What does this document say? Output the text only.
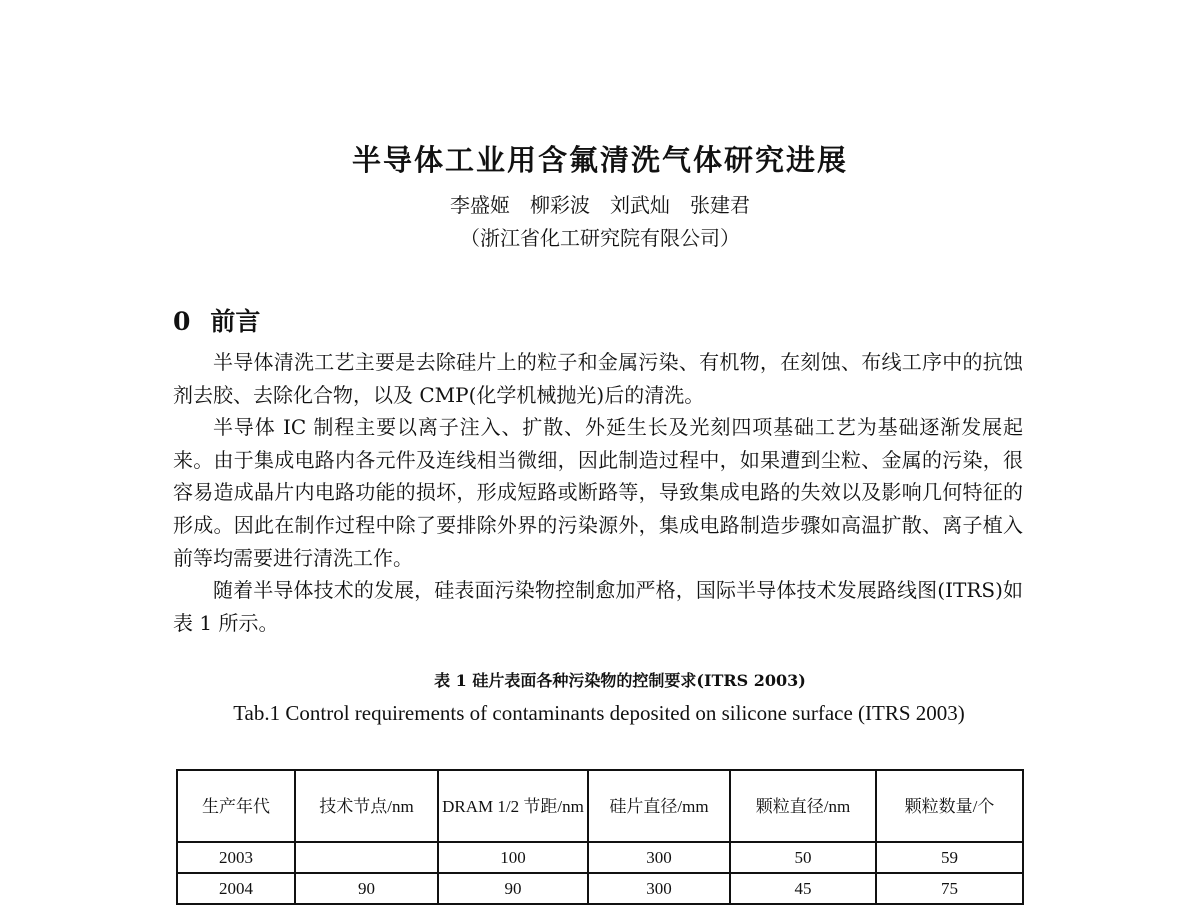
半导体工业用含氟清洗气体研究进展
李盛姬　柳彩波　刘武灿　张建君
（浙江省化工研究院有限公司）
0 前言

半导体清洗工艺主要是去除硅片上的粒子和金属污染、有机物，在刻蚀、布线工序中的抗蚀剂去胶、去除化合物，以及 CMP(化学机械抛光)后的清洗。

半导体 IC 制程主要以离子注入、扩散、外延生长及光刻四项基础工艺为基础逐渐发展起来。由于集成电路内各元件及连线相当微细，因此制造过程中，如果遭到尘粒、金属的污染，很容易造成晶片内电路功能的损坏，形成短路或断路等，导致集成电路的失效以及影响几何特征的形成。因此在制作过程中除了要排除外界的污染源外，集成电路制造步骤如高温扩散、离子植入前等均需要进行清洗工作。

随着半导体技术的发展，硅表面污染物控制愈加严格，国际半导体技术发展路线图(ITRS)如表 1 所示。

表 1 硅片表面各种污染物的控制要求(ITRS 2003)
Tab.1 Control requirements of contaminants deposited on silicone surface (ITRS 2003)
生产年代	技术节点/nm	DRAM 1/2 节距/nm	硅片直径/mm	颗粒直径/nm	颗粒数量/个
2003		100	300	50	59
2004	90	90	300	45	75
